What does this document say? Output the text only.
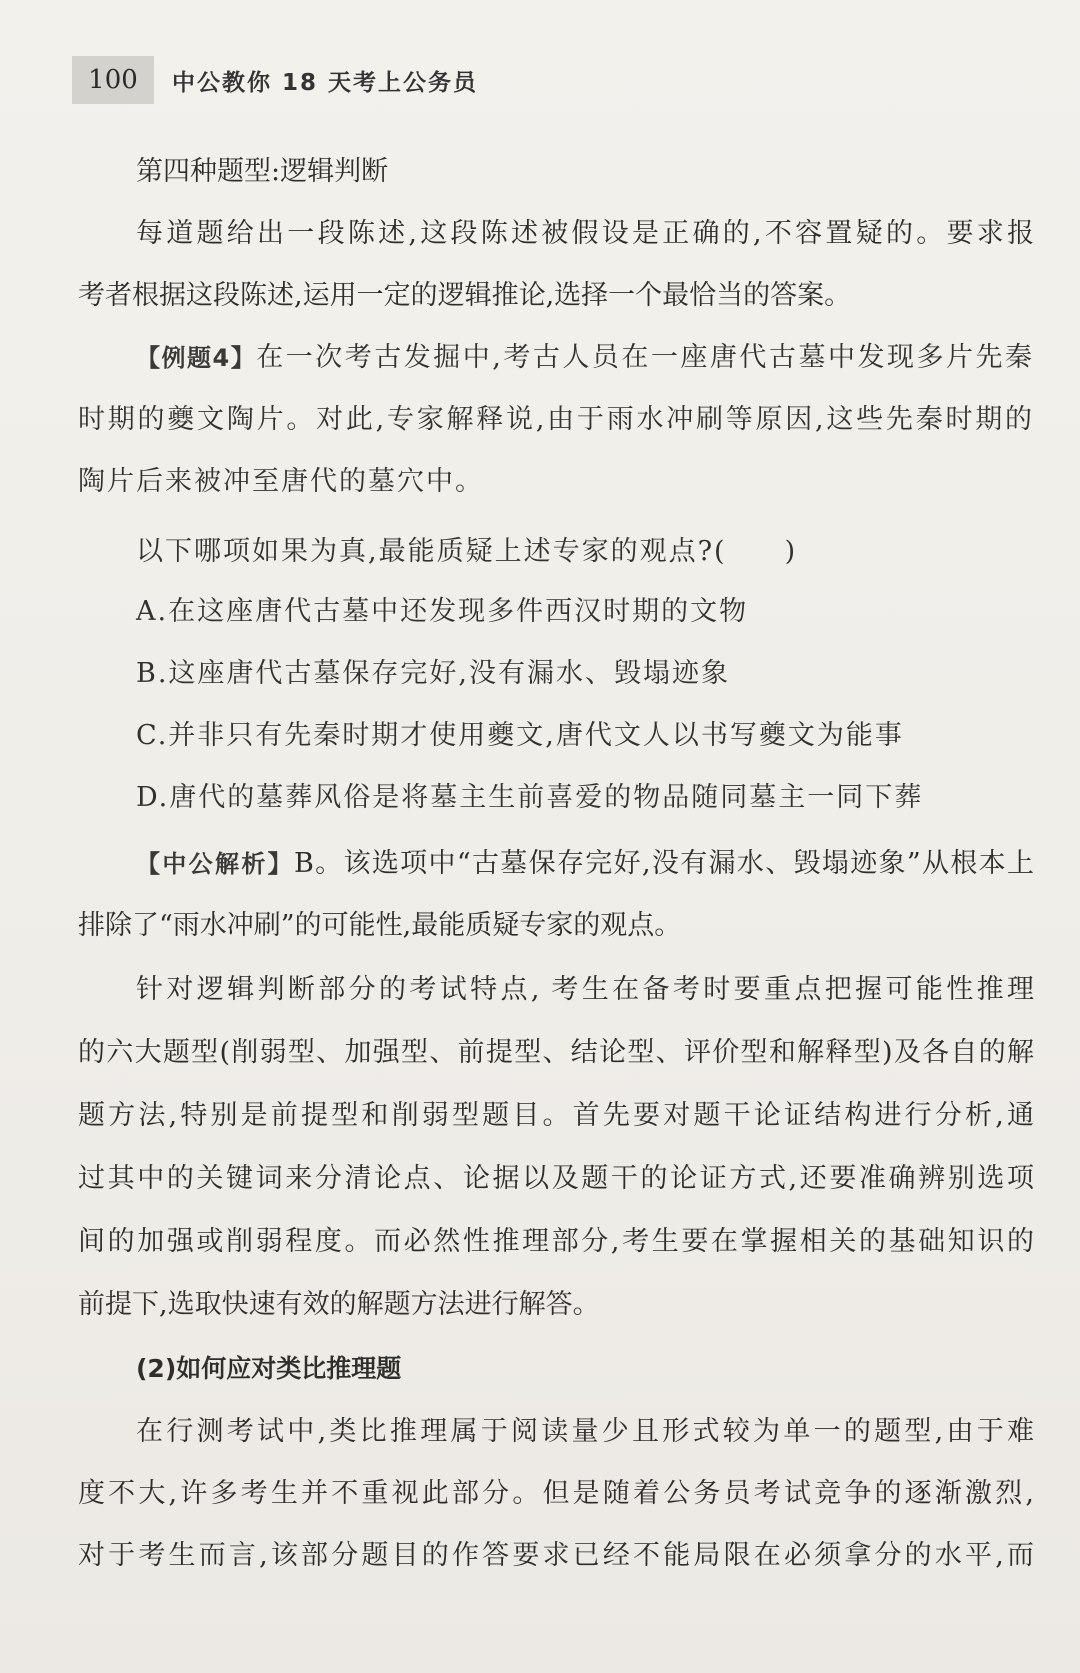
100	中公教你 18 天考上公务员
第四种题型:逻辑判断
每道题给出一段陈述,这段陈述被假设是正确的,不容置疑的。要求报
考者根据这段陈述,运用一定的逻辑推论,选择一个最恰当的答案。
【例题4】在一次考古发掘中,考古人员在一座唐代古墓中发现多片先秦
时期的夔文陶片。对此,专家解释说,由于雨水冲刷等原因,这些先秦时期的
陶片后来被冲至唐代的墓穴中。
以下哪项如果为真,最能质疑上述专家的观点?(　　)
A.在这座唐代古墓中还发现多件西汉时期的文物
B.这座唐代古墓保存完好,没有漏水、毁塌迹象
C.并非只有先秦时期才使用夔文,唐代文人以书写夔文为能事
D.唐代的墓葬风俗是将墓主生前喜爱的物品随同墓主一同下葬
【中公解析】B。该选项中“古墓保存完好,没有漏水、毁塌迹象”从根本上
排除了“雨水冲刷”的可能性,最能质疑专家的观点。
针对逻辑判断部分的考试特点, 考生在备考时要重点把握可能性推理
的六大题型(削弱型、加强型、前提型、结论型、评价型和解释型)及各自的解
题方法,特别是前提型和削弱型题目。首先要对题干论证结构进行分析,通
过其中的关键词来分清论点、论据以及题干的论证方式,还要准确辨别选项
间的加强或削弱程度。而必然性推理部分,考生要在掌握相关的基础知识的
前提下,选取快速有效的解题方法进行解答。
(2)如何应对类比推理题
在行测考试中,类比推理属于阅读量少且形式较为单一的题型,由于难
度不大,许多考生并不重视此部分。但是随着公务员考试竞争的逐渐激烈,
对于考生而言,该部分题目的作答要求已经不能局限在必须拿分的水平,而
